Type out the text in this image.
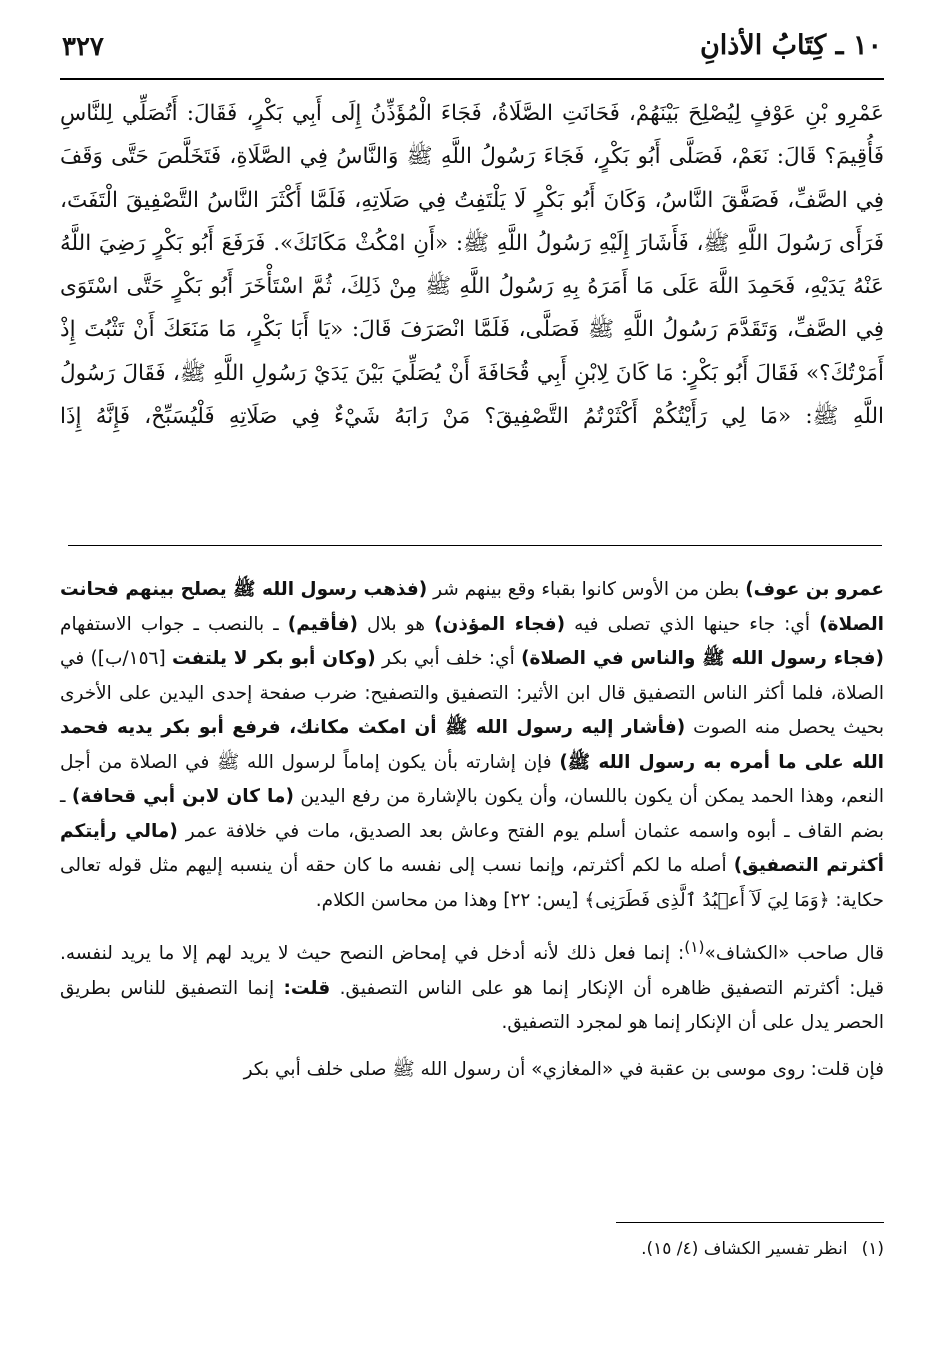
٣٢٧	١٠ ـ كِتَابُ الأذانِ
عَمْرِو بْنِ عَوْفٍ لِيُصْلِحَ بَيْنَهُمْ، فَحَانَتِ الصَّلَاةُ، فَجَاءَ الْمُؤَذِّنُ إِلَى أَبِي بَكْرٍ، فَقَالَ: أَتُصَلِّي لِلنَّاسِ فَأُقِيمَ؟ قَالَ: نَعَمْ، فَصَلَّى أَبُو بَكْرٍ، فَجَاءَ رَسُولُ اللَّهِ ﷺ وَالنَّاسُ فِي الصَّلَاةِ، فَتَخَلَّصَ حَتَّى وَقَفَ فِي الصَّفِّ، فَصَفَّقَ النَّاسُ، وَكَانَ أَبُو بَكْرٍ لَا يَلْتَفِتُ فِي صَلَاتِهِ، فَلَمَّا أَكْثَرَ النَّاسُ التَّصْفِيقَ الْتَفَتَ، فَرَأَى رَسُولَ اللَّهِ ﷺ، فَأَشَارَ إِلَيْهِ رَسُولُ اللَّهِ ﷺ: «أَنِ امْكُثْ مَكَانَكَ». فَرَفَعَ أَبُو بَكْرٍ رَضِيَ اللَّهُ عَنْهُ يَدَيْهِ، فَحَمِدَ اللَّهَ عَلَى مَا أَمَرَهُ بِهِ رَسُولُ اللَّهِ ﷺ مِنْ ذَلِكَ، ثُمَّ اسْتَأْخَرَ أَبُو بَكْرٍ حَتَّى اسْتَوَى فِي الصَّفِّ، وَتَقَدَّمَ رَسُولُ اللَّهِ ﷺ فَصَلَّى، فَلَمَّا انْصَرَفَ قَالَ: «يَا أَبَا بَكْرٍ، مَا مَنَعَكَ أَنْ تَثْبُتَ إِذْ أَمَرْتُكَ؟» فَقَالَ أَبُو بَكْرٍ: مَا كَانَ لِابْنِ أَبِي قُحَافَةَ أَنْ يُصَلِّيَ بَيْنَ يَدَيْ رَسُولِ اللَّهِ ﷺ، فَقَالَ رَسُولُ اللَّهِ ﷺ: «مَا لِي رَأَيْتُكُمْ أَكْثَرْتُمُ التَّصْفِيقَ؟ مَنْ رَابَهُ شَيْءٌ فِي صَلَاتِهِ فَلْيُسَبِّحْ، فَإِنَّهُ إِذَا

عمرو بن عوف) بطن من الأوس كانوا بقباء وقع بينهم شر (فذهب رسول الله ﷺ يصلح بينهم فحانت الصلاة) أي: جاء حينها الذي تصلى فيه (فجاء المؤذن) هو بلال (فأقيم) ـ بالنصب ـ جواب الاستفهام (فجاء رسول الله ﷺ والناس في الصلاة) أي: خلف أبي بكر (وكان أبو بكر لا يلتفت [١٥٦/ب]) في الصلاة، فلما أكثر الناس التصفيق قال ابن الأثير: التصفيق والتصفيح: ضرب صفحة إحدى اليدين على الأخرى بحيث يحصل منه الصوت (فأشار إليه رسول الله ﷺ أن امكث مكانك، فرفع أبو بكر يديه فحمد الله على ما أمره به رسول الله ﷺ) فإن إشارته بأن يكون إماماً لرسول الله ﷺ في الصلاة من أجل النعم، وهذا الحمد يمكن أن يكون باللسان، وأن يكون بالإشارة من رفع اليدين (ما كان لابن أبي قحافة) ـ بضم القاف ـ أبوه واسمه عثمان أسلم يوم الفتح وعاش بعد الصديق، مات في خلافة عمر (مالي رأيتكم أكثرتم التصفيق) أصله ما لكم أكثرتم، وإنما نسب إلى نفسه ما كان حقه أن ينسبه إليهم مثل قوله تعالى حكاية: ﴿وَمَا لِيَ لَآ أَعۡبُدُ ٱلَّذِى فَطَرَنِى﴾ [يس: ٢٢] وهذا من محاسن الكلام.

قال صاحب «الكشاف»$^{(١)}$: إنما فعل ذلك لأنه أدخل في إمحاض النصح حيث لا يريد لهم إلا ما يريد لنفسه. قيل: أكثرتم التصفيق ظاهره أن الإنكار إنما هو على الناس التصفيق. قلت: إنما التصفيق للناس بطريق الحصر يدل على أن الإنكار إنما هو لمجرد التصفيق.

فإن قلت: روى موسى بن عقبة في «المغازي» أن رسول الله ﷺ صلى خلف أبي بكر

(١)انظر تفسير الكشاف (٤/ ١٥).
